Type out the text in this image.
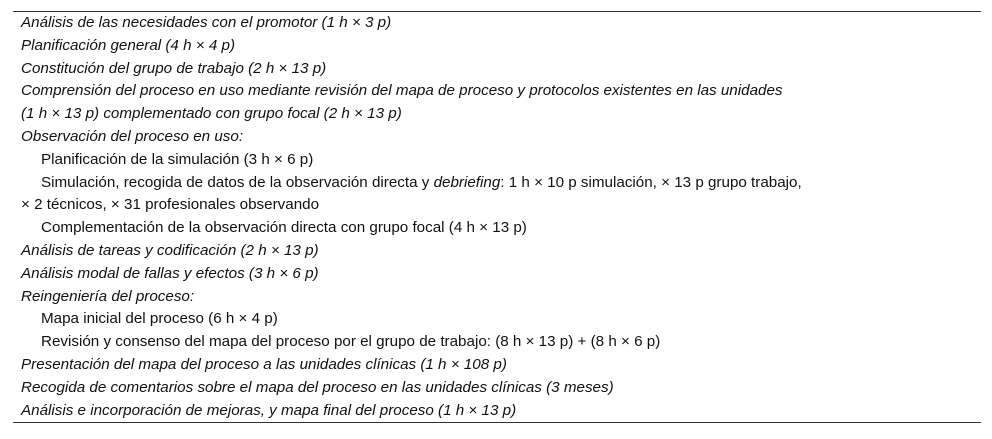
Análisis de las necesidades con el promotor (1 h × 3 p)
Planificación general (4 h × 4 p)
Constitución del grupo de trabajo (2 h × 13 p)
Comprensión del proceso en uso mediante revisión del mapa de proceso y protocolos existentes en las unidades
(1 h × 13 p) complementado con grupo focal (2 h × 13 p)
Observación del proceso en uso:
Planificación de la simulación (3 h × 6 p)
Simulación, recogida de datos de la observación directa y debriefing: 1 h × 10 p simulación, × 13 p grupo trabajo,
× 2 técnicos, × 31 profesionales observando
Complementación de la observación directa con grupo focal (4 h × 13 p)
Análisis de tareas y codificación (2 h × 13 p)
Análisis modal de fallas y efectos (3 h × 6 p)
Reingeniería del proceso:
Mapa inicial del proceso (6 h × 4 p)
Revisión y consenso del mapa del proceso por el grupo de trabajo: (8 h × 13 p) + (8 h × 6 p)
Presentación del mapa del proceso a las unidades clínicas (1 h × 108 p)
Recogida de comentarios sobre el mapa del proceso en las unidades clínicas (3 meses)
Análisis e incorporación de mejoras, y mapa final del proceso (1 h × 13 p)
